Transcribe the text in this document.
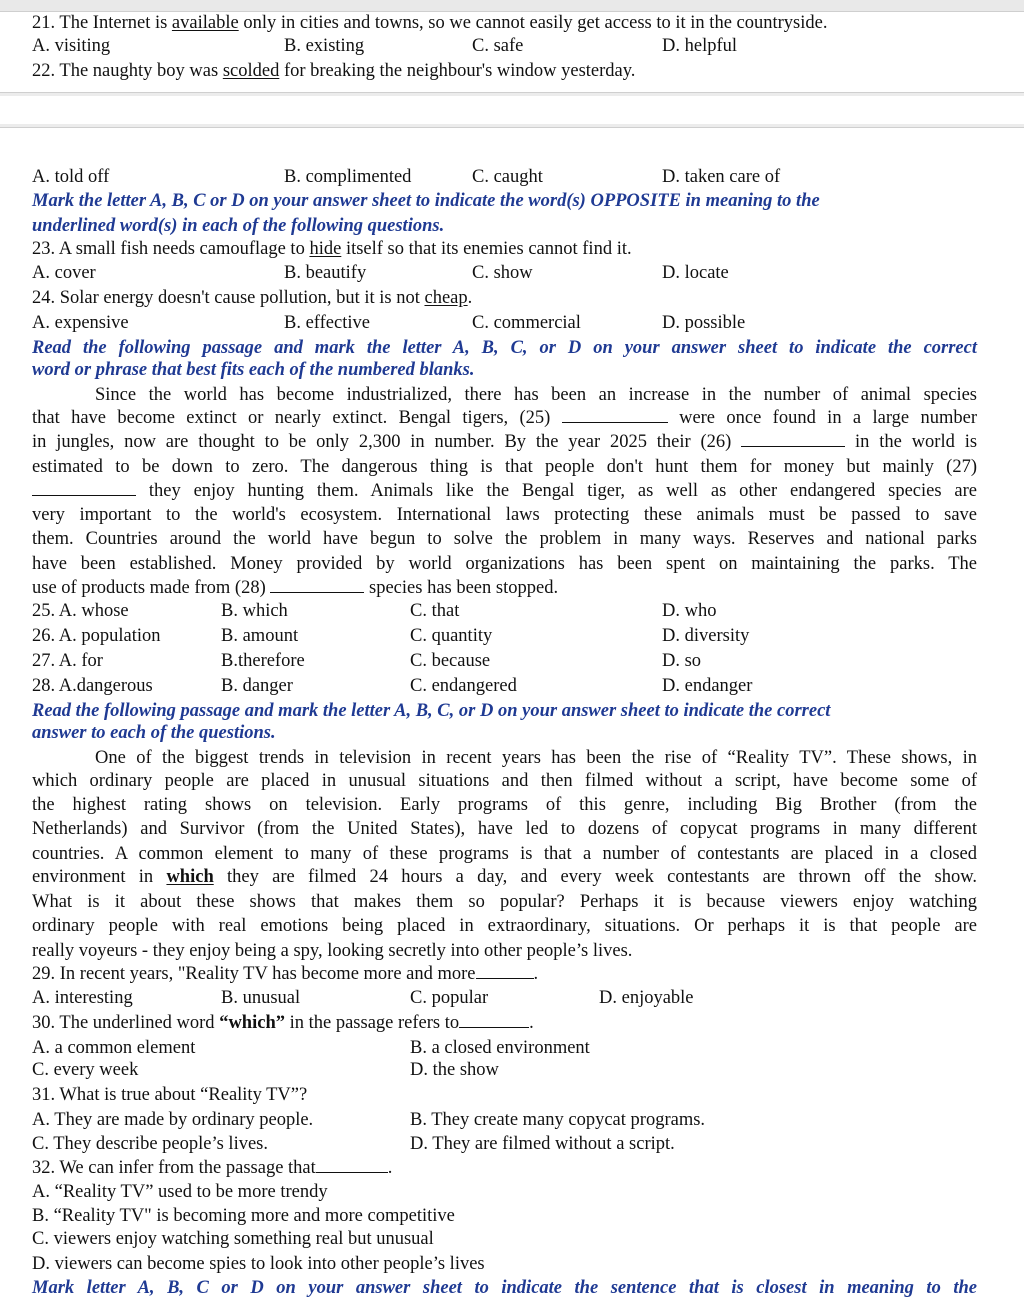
21. The Internet is available only in cities and towns, so we cannot easily get access to it in the countryside.
A. visiting	B. existing	C. safe	D. helpful
22. The naughty boy was scolded for breaking the neighbour's window yesterday.
A. told off	B. complimented	C. caught	D. taken care of
Mark the letter A, B, C or D on your answer sheet to indicate the word(s) OPPOSITE in meaning to the
underlined word(s) in each of the following questions.
23. A small fish needs camouflage to hide itself so that its enemies cannot find it.
A. cover	B. beautify	C. show	D. locate
24. Solar energy doesn't cause pollution, but it is not cheap.
A. expensive	B. effective	C. commercial	D. possible
Read the following passage and mark the letter A, B, C, or D on your answer sheet to indicate the correct
word or phrase that best fits each of the numbered blanks.
Since the world has become industrialized, there has been an increase in the number of animal species
that have become extinct or nearly extinct. Bengal tigers, (25)	were once found in a large number
in jungles, now are thought to be only 2,300 in number. By the year 2025 their (26)	in the world is
estimated to be down to zero. The dangerous thing is that people don't hunt them for money but mainly (27)
they enjoy hunting them. Animals like the Bengal tiger, as well as other endangered species are
very important to the world's ecosystem. International laws protecting these animals must be passed to save
them. Countries around the world have begun to solve the problem in many ways. Reserves and national parks
have been established. Money provided by world organizations has been spent on maintaining the parks. The
use of products made from (28)	species has been stopped.
25. A. whose	B. which	C. that	D. who
26. A. population	B. amount	C. quantity	D. diversity
27. A. for	B.therefore	C. because	D. so
28. A.dangerous	B. danger	C. endangered	D. endanger
Read the following passage and mark the letter A, B, C, or D on your answer sheet to indicate the correct
answer to each of the questions.
One of the biggest trends in television in recent years has been the rise of “Reality TV”. These shows, in
which ordinary people are placed in unusual situations and then filmed without a script, have become some of
the highest rating shows on television. Early programs of this genre, including Big Brother (from the
Netherlands) and Survivor (from the United States), have led to dozens of copycat programs in many different
countries. A common element to many of these programs is that a number of contestants are placed in a closed
environment in which they are filmed 24 hours a day, and every week contestants are thrown off the show.
What is it about these shows that makes them so popular? Perhaps it is because viewers enjoy watching
ordinary people with real emotions being placed in extraordinary, situations. Or perhaps it is that people are
really voyeurs - they enjoy being a spy, looking secretly into other people’s lives.
29. In recent years, "Reality TV has become more and more	.
A. interesting	B. unusual	C. popular	D. enjoyable
30. The underlined word “which” in the passage refers to	.
A. a common element	B. a closed environment
C. every week	D. the show
31. What is true about “Reality TV”?
A. They are made by ordinary people.	B. They create many copycat programs.
C. They describe people’s lives.	D. They are filmed without a script.
32. We can infer from the passage that	.
A. “Reality TV” used to be more trendy
B. “Reality TV" is becoming more and more competitive
C. viewers enjoy watching something real but unusual
D. viewers can become spies to look into other people’s lives
Mark letter A, B, C or D on your answer sheet to indicate the sentence that is closest in meaning to the
